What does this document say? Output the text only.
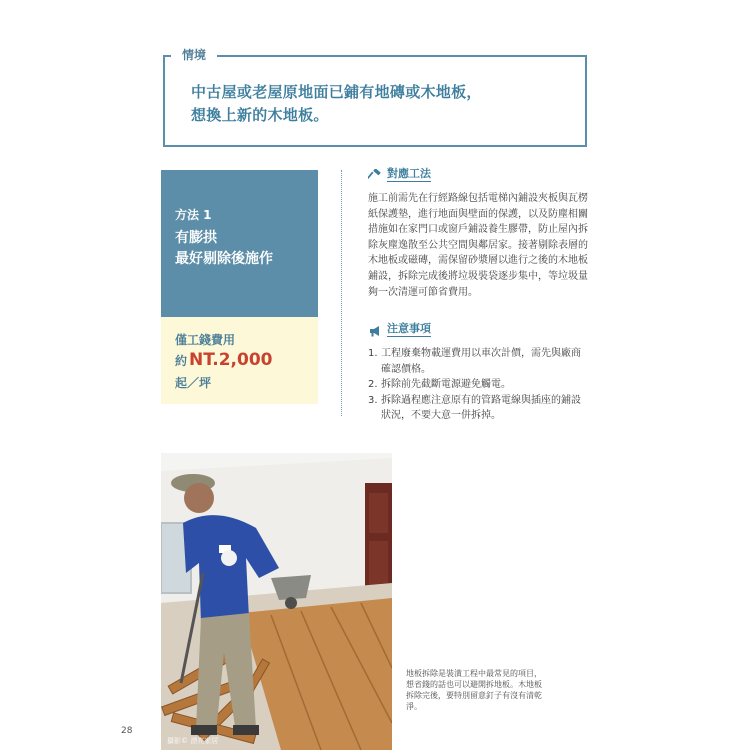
情境
中古屋或老屋原地面已鋪有地磚或木地板，
想換上新的木地板。
方法 1
有膨拱
最好剔除後施作
僅工錢費用
約 NT.2,000
起／坪
對應工法
施工前需先在行經路線包括電梯內鋪設夾板與瓦楞紙保護墊，進行地面與壁面的保護，以及防塵相關措施如在家門口或窗戶鋪設養生膠帶，防止屋內拆除灰塵逸散至公共空間與鄰居家。接著剔除表層的木地板或磁磚，需保留砂漿層以進行之後的木地板鋪設，拆除完成後將垃圾裝袋逐步集中，等垃圾量夠一次清運可節省費用。
注意事項
1. 工程廢棄物載運費用以車次計價，需先與廠商確認價格。
2. 拆除前先截斷電源避免觸電。
3. 拆除過程應注意原有的管路電線與插座的鋪設狀況，不要大意一併拆掉。
攝影© 漂亮家居
地板拆除是裝潢工程中最常見的項目，想省錢的話也可以避開拆地板。木地板拆除完後，要特別留意釘子有沒有清乾淨。
28
